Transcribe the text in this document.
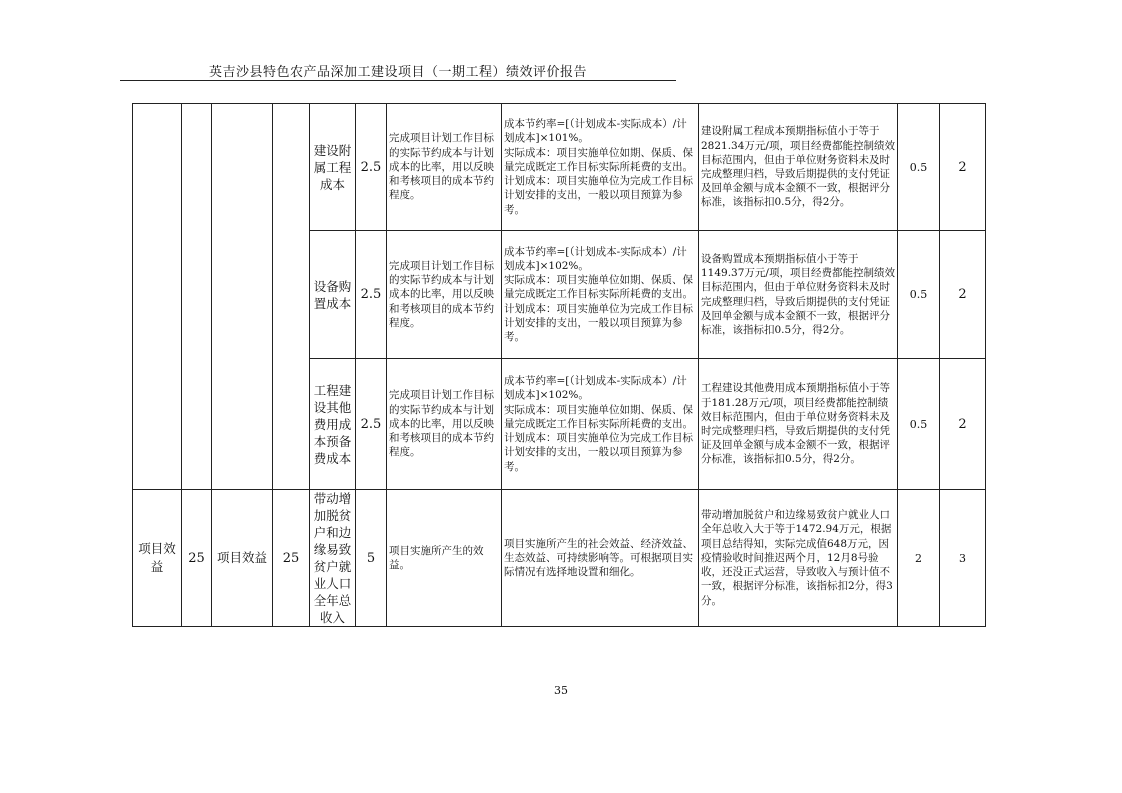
英吉沙县特色农产品深加工建设项目（一期工程）绩效评价报告
				建设附属工程成本	2.5	完成项目计划工作目标的实际节约成本与计划成本的比率，用以反映和考核项目的成本节约程度。	成本节约率=[（计划成本-实际成本）/计划成本]×101%。
实际成本：项目实施单位如期、保质、保量完成既定工作目标实际所耗费的支出。
计划成本：项目实施单位为完成工作目标计划安排的支出，一般以项目预算为参考。	建设附属工程成本预期指标值小于等于2821.34万元/项，项目经费都能控制绩效目标范围内，但由于单位财务资料未及时完成整理归档，导致后期提供的支付凭证及回单金额与成本金额不一致，根据评分标准，该指标扣0.5分，得2分。	0.5	2
				设备购置成本	2.5	完成项目计划工作目标的实际节约成本与计划成本的比率，用以反映和考核项目的成本节约程度。	成本节约率=[（计划成本-实际成本）/计划成本]×102%。
实际成本：项目实施单位如期、保质、保量完成既定工作目标实际所耗费的支出。
计划成本：项目实施单位为完成工作目标计划安排的支出，一般以项目预算为参考。	设备购置成本预期指标值小于等于1149.37万元/项，项目经费都能控制绩效目标范围内，但由于单位财务资料未及时完成整理归档，导致后期提供的支付凭证及回单金额与成本金额不一致，根据评分标准，该指标扣0.5分，得2分。	0.5	2
				工程建设其他费用成本预备费成本	2.5	完成项目计划工作目标的实际节约成本与计划成本的比率，用以反映和考核项目的成本节约程度。	成本节约率=[（计划成本-实际成本）/计划成本]×102%。
实际成本：项目实施单位如期、保质、保量完成既定工作目标实际所耗费的支出。
计划成本：项目实施单位为完成工作目标计划安排的支出，一般以项目预算为参考。	工程建设其他费用成本预期指标值小于等于181.28万元/项，项目经费都能控制绩效目标范围内，但由于单位财务资料未及时完成整理归档，导致后期提供的支付凭证及回单金额与成本金额不一致，根据评分标准，该指标扣0.5分，得2分。	0.5	2
项目效益	25	项目效益	25	带动增加脱贫户和边缘易致贫户就业人口全年总收入	5	项目实施所产生的效益。	项目实施所产生的社会效益、经济效益、生态效益、可持续影响等。可根据项目实际情况有选择地设置和细化。	带动增加脱贫户和边缘易致贫户就业人口全年总收入大于等于1472.94万元，根据项目总结得知，实际完成值648万元，因疫情验收时间推迟两个月，12月8号验收，还没正式运营，导致收入与预计值不一致，根据评分标准，该指标扣2分，得3分。	2	3
35
